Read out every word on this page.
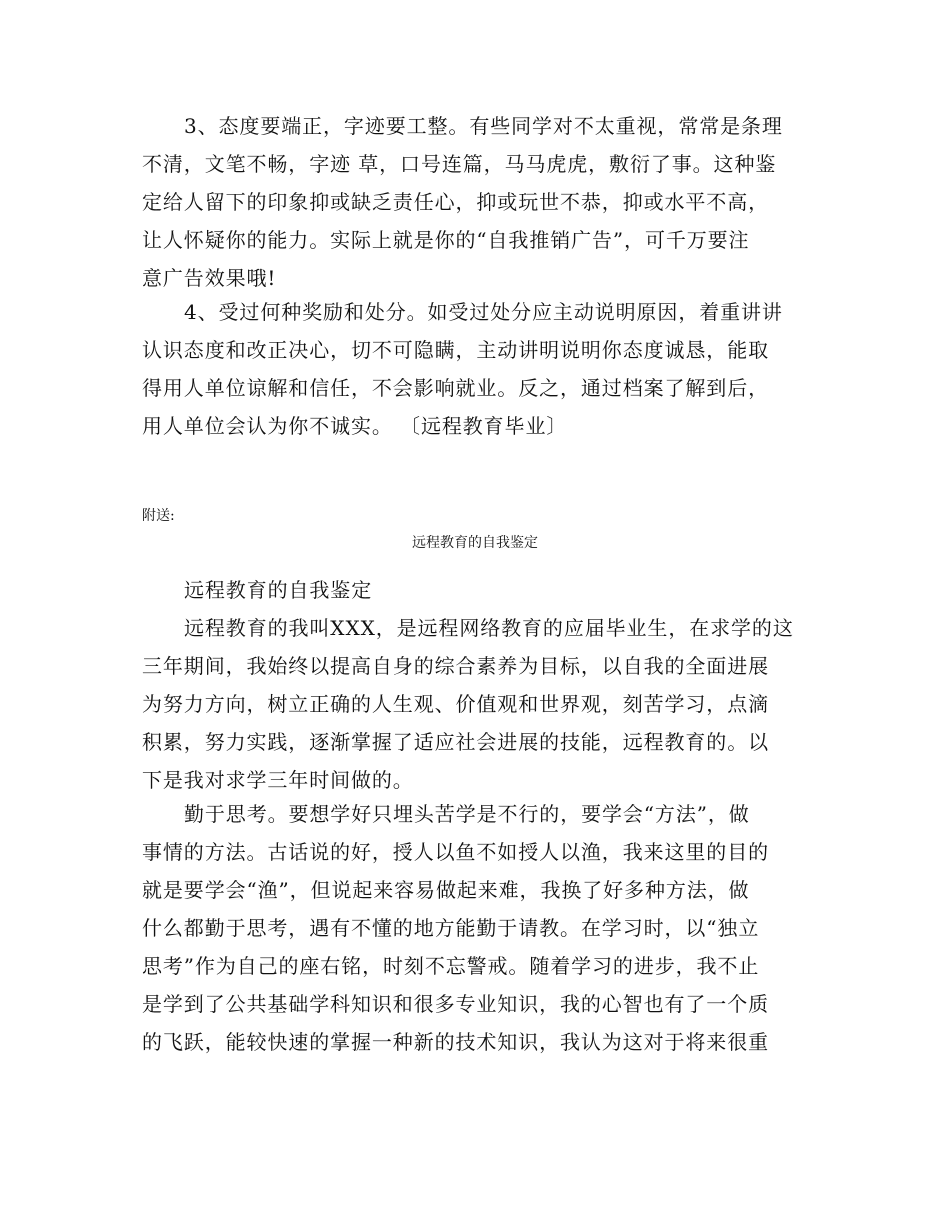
3、态度要端正，字迹要工整。有些同学对不太重视，常常是条理
不清，文笔不畅，字迹 草，口号连篇，马马虎虎，敷衍了事。这种鉴
定给人留下的印象抑或缺乏责任心，抑或玩世不恭，抑或水平不高，
让人怀疑你的能力。实际上就是你的“自我推销广告”，可千万要注
意广告效果哦!
4、受过何种奖励和处分。如受过处分应主动说明原因，着重讲讲
认识态度和改正决心，切不可隐瞒，主动讲明说明你态度诚恳，能取
得用人单位谅解和信任，不会影响就业。反之，通过档案了解到后，
用人单位会认为你不诚实。 〔远程教育毕业〕
附送:
远程教育的自我鉴定
远程教育的自我鉴定
远程教育的我叫XXX，是远程网络教育的应届毕业生，在求学的这
三年期间，我始终以提高自身的综合素养为目标，以自我的全面进展
为努力方向，树立正确的人生观、价值观和世界观，刻苦学习，点滴
积累，努力实践，逐渐掌握了适应社会进展的技能，远程教育的。以
下是我对求学三年时间做的。
勤于思考。要想学好只埋头苦学是不行的，要学会“方法”，做
事情的方法。古话说的好，授人以鱼不如授人以渔，我来这里的目的
就是要学会“渔”，但说起来容易做起来难，我换了好多种方法，做
什么都勤于思考，遇有不懂的地方能勤于请教。在学习时，以“独立
思考”作为自己的座右铭，时刻不忘警戒。随着学习的进步，我不止
是学到了公共基础学科知识和很多专业知识，我的心智也有了一个质
的飞跃，能较快速的掌握一种新的技术知识，我认为这对于将来很重
